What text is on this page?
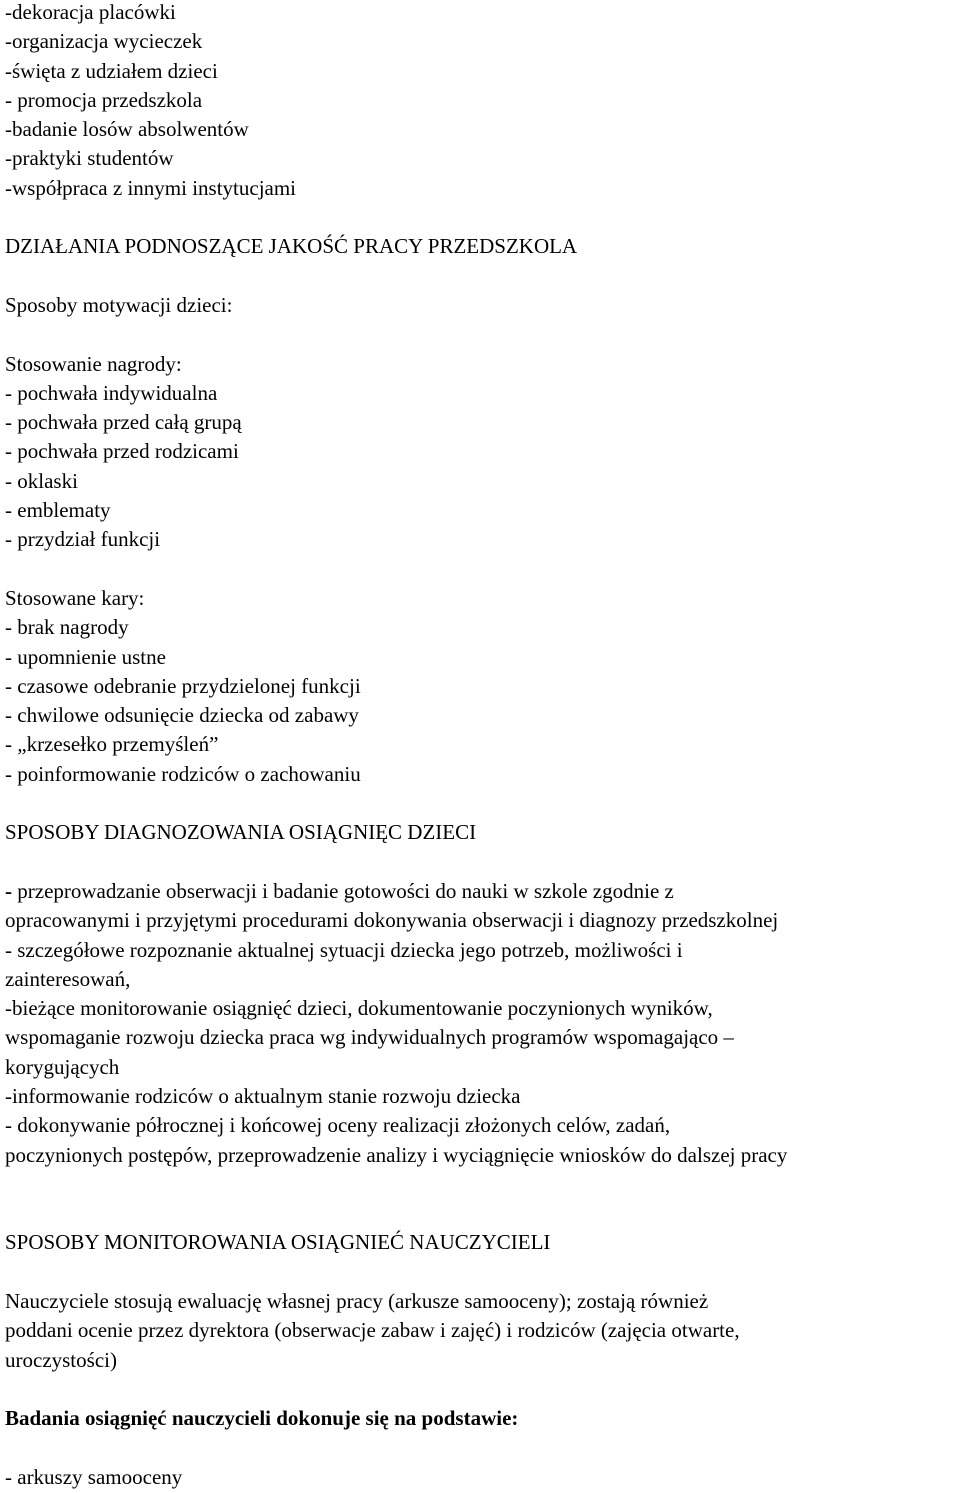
-dekoracja placówki

-organizacja wycieczek

-święta z udziałem dzieci

- promocja przedszkola

-badanie losów absolwentów

-praktyki studentów

-współpraca z innymi instytucjami

DZIAŁANIA PODNOSZĄCE JAKOŚĆ PRACY PRZEDSZKOLA

Sposoby motywacji dzieci:

Stosowanie nagrody:

- pochwała indywidualna

- pochwała przed całą grupą

- pochwała przed rodzicami

- oklaski

- emblematy

- przydział funkcji

Stosowane kary:

- brak nagrody

- upomnienie ustne

- czasowe odebranie przydzielonej funkcji

- chwilowe odsunięcie dziecka od zabawy

- „krzesełko przemyśleń”

- poinformowanie rodziców o zachowaniu

SPOSOBY DIAGNOZOWANIA OSIĄGNIĘC DZIECI

- przeprowadzanie obserwacji i badanie gotowości do nauki w szkole zgodnie z

opracowanymi i przyjętymi procedurami dokonywania obserwacji i diagnozy przedszkolnej

- szczegółowe rozpoznanie aktualnej sytuacji dziecka jego potrzeb, możliwości i

zainteresowań,

-bieżące monitorowanie osiągnięć dzieci, dokumentowanie poczynionych wyników,

wspomaganie rozwoju dziecka praca wg indywidualnych programów wspomagająco –

korygujących

-informowanie rodziców o aktualnym stanie rozwoju dziecka

- dokonywanie półrocznej i końcowej oceny realizacji złożonych celów, zadań,

poczynionych postępów, przeprowadzenie analizy i wyciągnięcie wniosków do dalszej pracy

SPOSOBY MONITOROWANIA OSIĄGNIEĆ NAUCZYCIELI

Nauczyciele stosują ewaluację własnej pracy (arkusze samooceny); zostają również

poddani ocenie przez dyrektora (obserwacje zabaw i zajęć) i rodziców (zajęcia otwarte,

uroczystości)

Badania osiągnięć nauczycieli dokonuje się na podstawie:

- arkuszy samooceny
